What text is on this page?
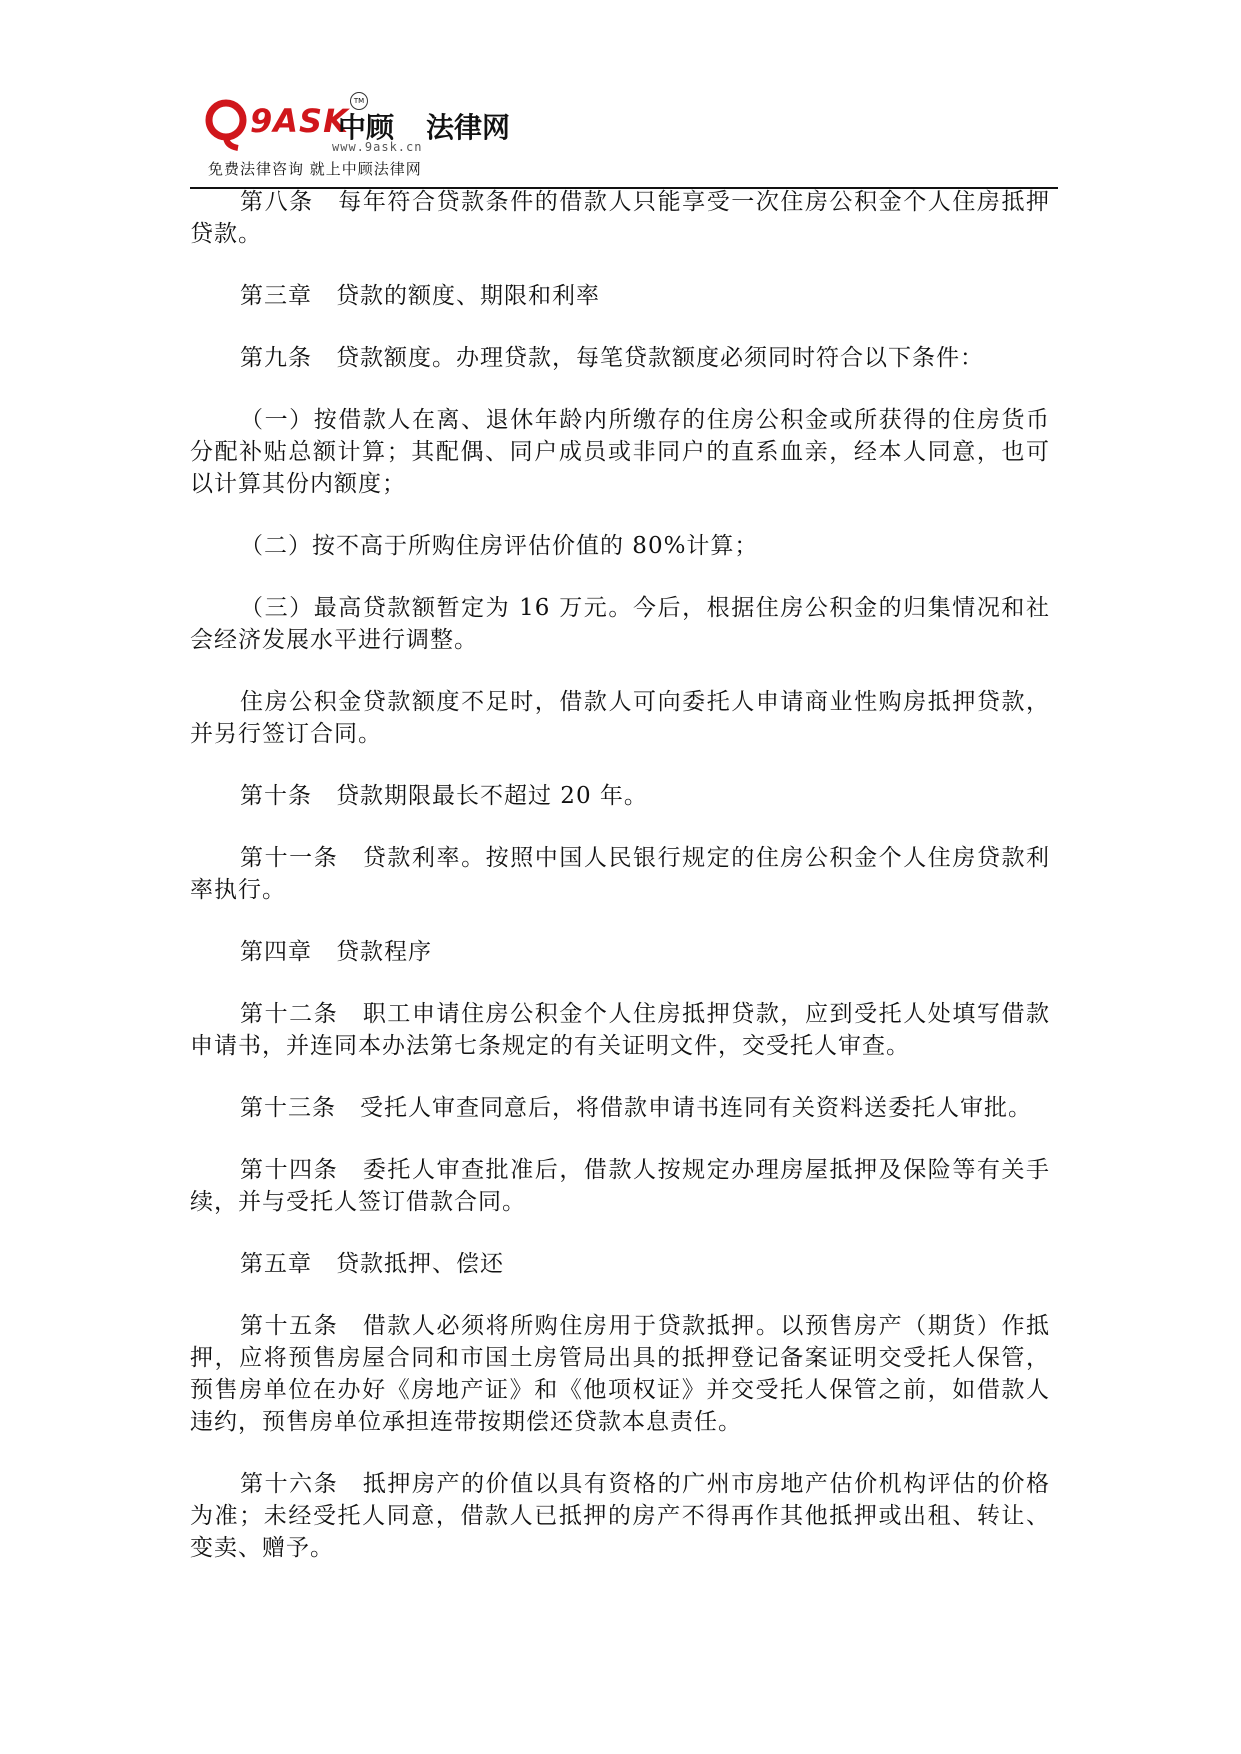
9ASK
中顾 法律网
TM
www.9ask.cn
免费法律咨询 就上中顾法律网

第八条　每年符合贷款条件的借款人只能享受一次住房公积金个人住房抵押贷款。

第三章　贷款的额度、期限和利率

第九条　贷款额度。办理贷款，每笔贷款额度必须同时符合以下条件：

（一）按借款人在离、退休年龄内所缴存的住房公积金或所获得的住房货币分配补贴总额计算；其配偶、同户成员或非同户的直系血亲，经本人同意，也可以计算其份内额度；

（二）按不高于所购住房评估价值的 80%计算；

（三）最高贷款额暂定为 16 万元。今后，根据住房公积金的归集情况和社会经济发展水平进行调整。

住房公积金贷款额度不足时，借款人可向委托人申请商业性购房抵押贷款，并另行签订合同。

第十条　贷款期限最长不超过 20 年。

第十一条　贷款利率。按照中国人民银行规定的住房公积金个人住房贷款利率执行。

第四章　贷款程序

第十二条　职工申请住房公积金个人住房抵押贷款，应到受托人处填写借款申请书，并连同本办法第七条规定的有关证明文件，交受托人审查。

第十三条　受托人审查同意后，将借款申请书连同有关资料送委托人审批。

第十四条　委托人审查批准后，借款人按规定办理房屋抵押及保险等有关手续，并与受托人签订借款合同。

第五章　贷款抵押、偿还

第十五条　借款人必须将所购住房用于贷款抵押。以预售房产（期货）作抵押，应将预售房屋合同和市国土房管局出具的抵押登记备案证明交受托人保管，预售房单位在办好《房地产证》和《他项权证》并交受托人保管之前，如借款人违约，预售房单位承担连带按期偿还贷款本息责任。

第十六条　抵押房产的价值以具有资格的广州市房地产估价机构评估的价格为准；未经受托人同意，借款人已抵押的房产不得再作其他抵押或出租、转让、变卖、赠予。
